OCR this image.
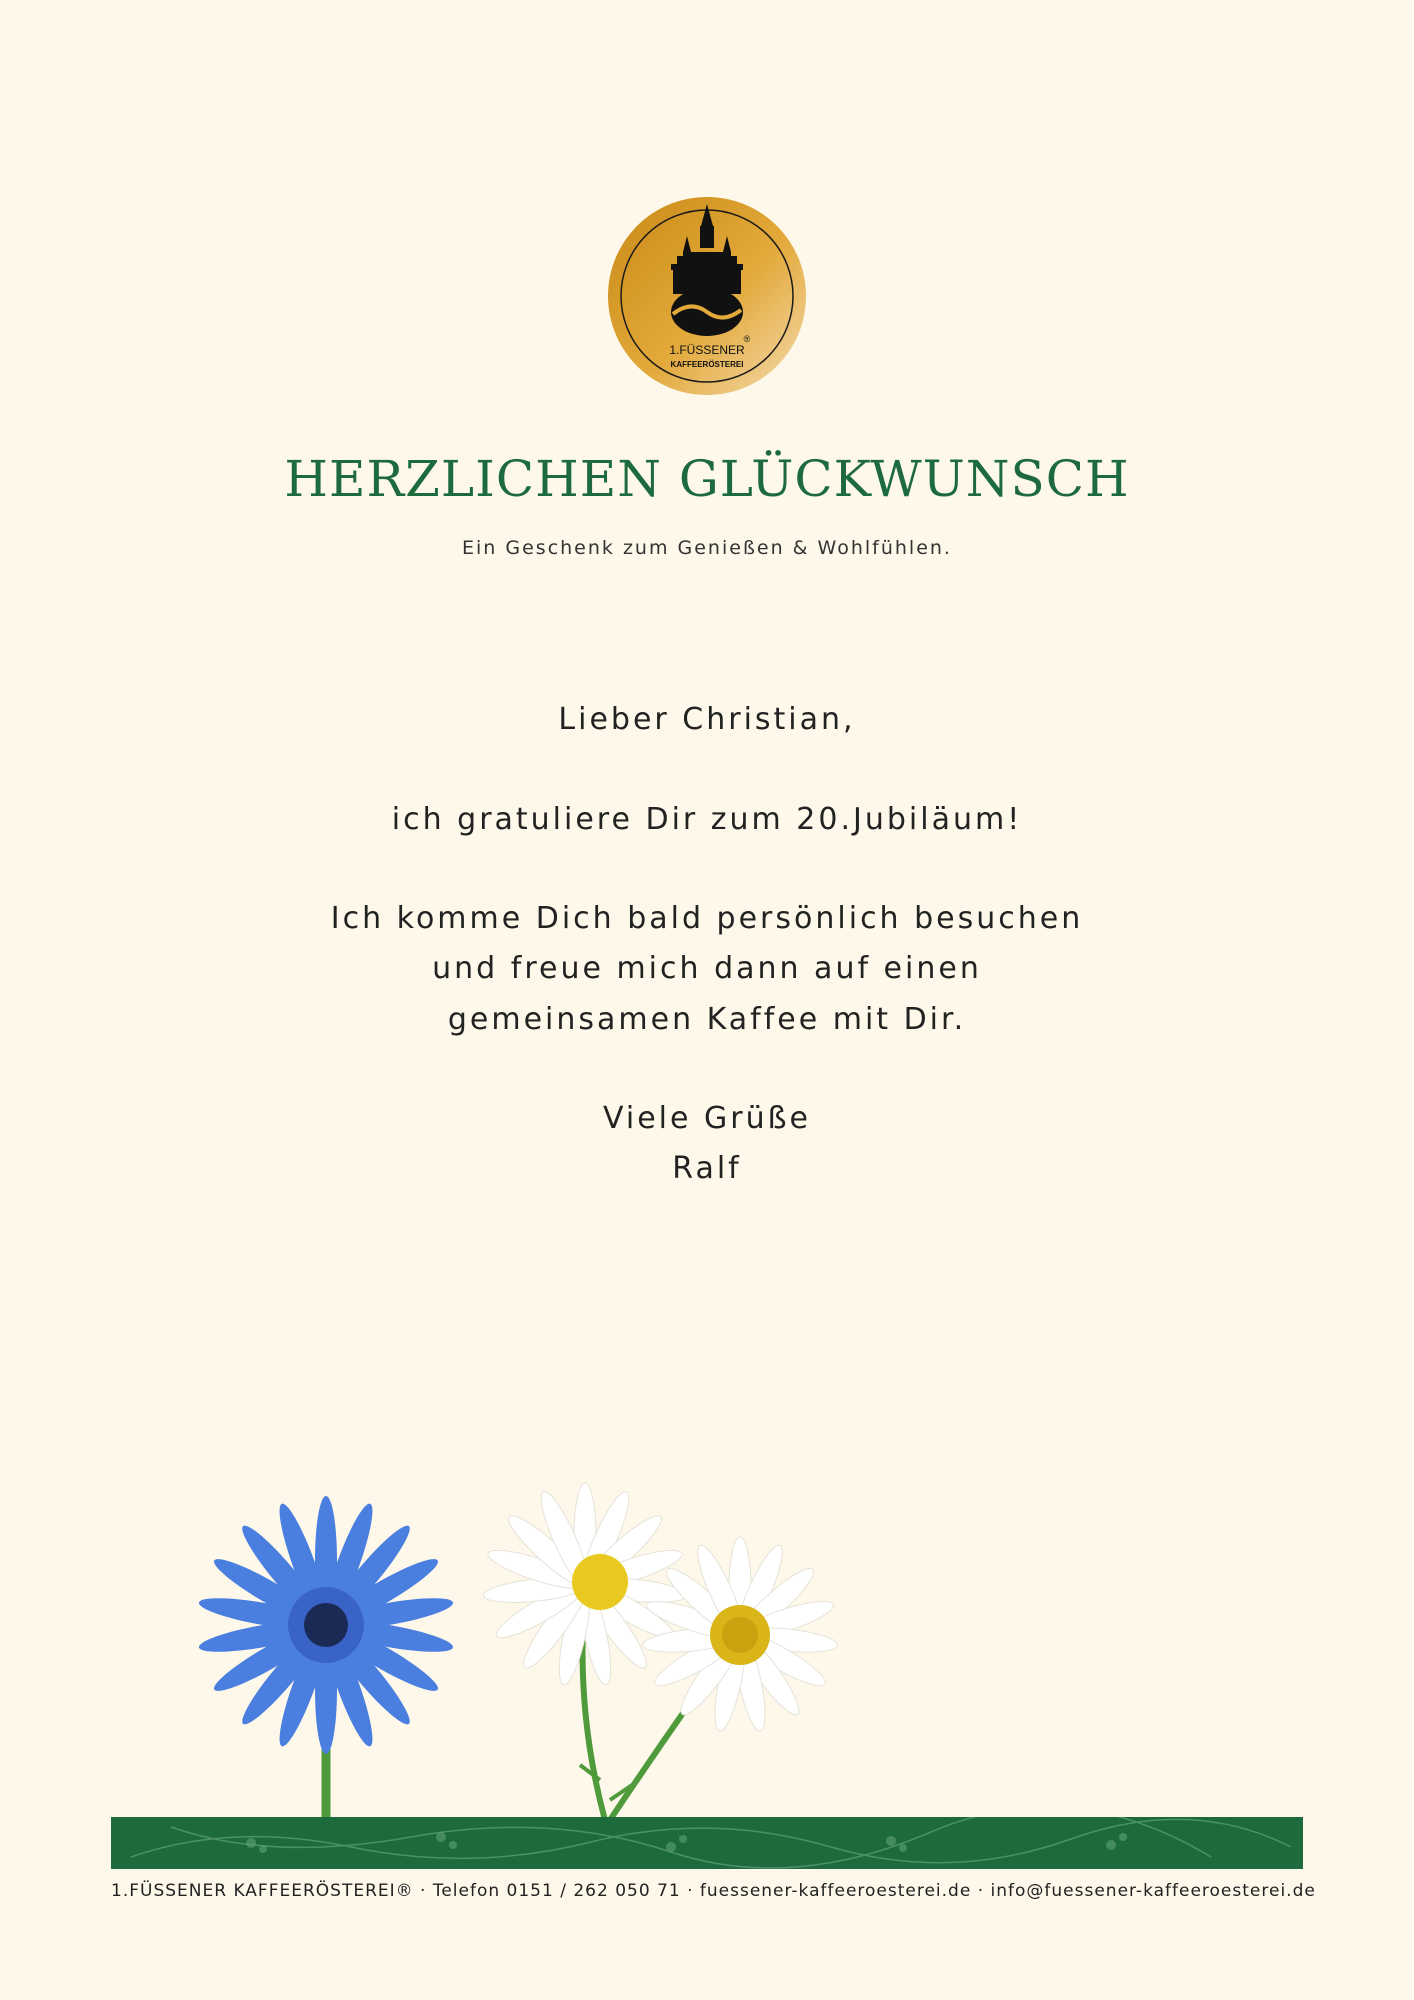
1.FÜSSENER
KAFFEERÖSTEREI
®
HERZLICHEN GLÜCKWUNSCH
Ein Geschenk zum Genießen & Wohlfühlen.
Lieber Christian,
ich gratuliere Dir zum 20.Jubiläum!
Ich komme Dich bald persönlich besuchen
und freue mich dann auf einen
gemeinsamen Kaffee mit Dir.
Viele Grüße
Ralf
1.FÜSSENER KAFFEERÖSTEREI® · Telefon 0151 / 262 050 71 · fuessener-kaffeeroesterei.de · info@fuessener-kaffeeroesterei.de
